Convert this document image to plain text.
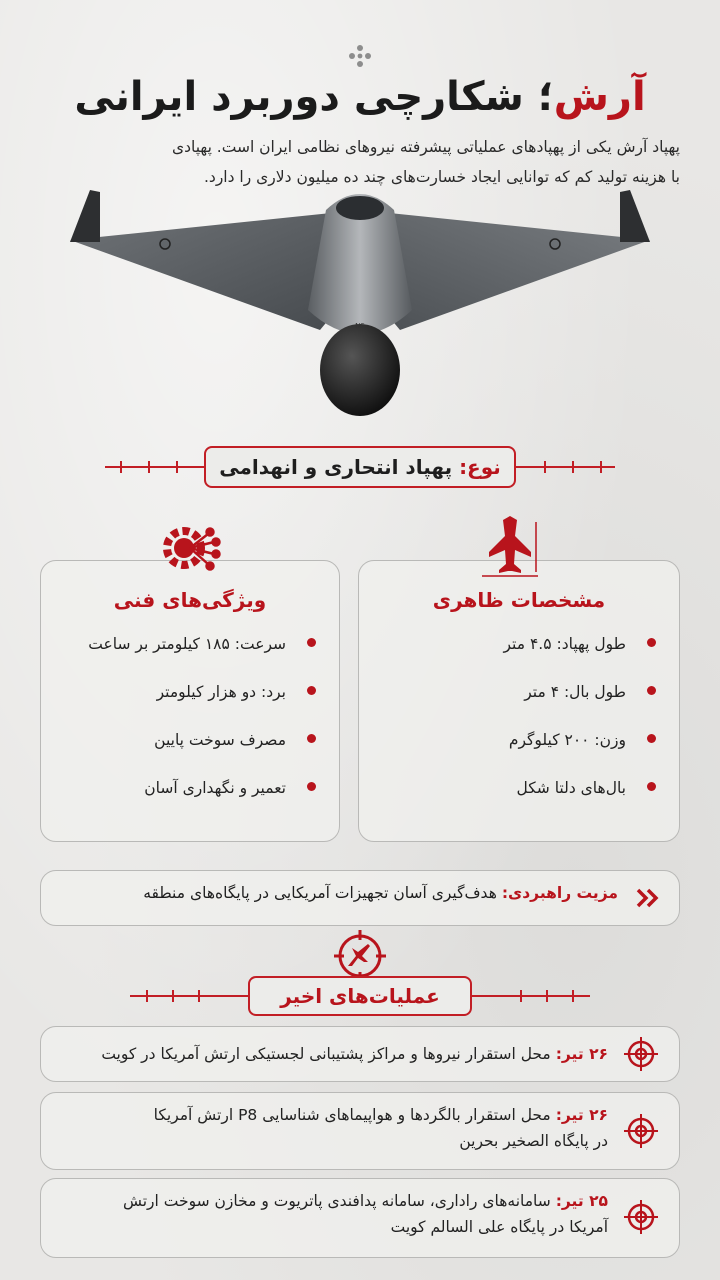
آرش؛ شکارچی دوربرد ایرانی
پهپاد آرش یکی از پهپادهای عملیاتی پیشرفته نیروهای نظامی ایران است. پهپادی
با هزینه تولید کم که توانایی ایجاد خسارت‌های چند ده میلیون دلاری را دارد.
NS
نوع: پهپاد انتحاری و انهدامی
مشخصات ظاهری
طول پهپاد: ۴.۵ متر
طول بال: ۴ متر
وزن: ۲۰۰ کیلوگرم
بال‌های دلتا شکل
ویژگی‌های فنی
سرعت: ۱۸۵ کیلومتر بر ساعت
برد: دو هزار کیلومتر
مصرف سوخت پایین
تعمیر و نگهداری آسان
مزیت راهبردی: هدف‌گیری آسان تجهیزات آمریکایی در پایگاه‌های منطقه
عملیات‌های اخیر
۲۶ تیر: محل استقرار نیروها و مراکز پشتیبانی لجستیکی ارتش آمریکا در کویت
۲۶ تیر: محل استقرار بالگردها و هواپیماهای شناسایی P8 ارتش آمریکا
در پایگاه الصخیر بحرین
۲۵ تیر: سامانه‌های راداری، سامانه پدافندی پاتریوت و مخازن سوخت ارتش
آمریکا در پایگاه علی السالم کویت
